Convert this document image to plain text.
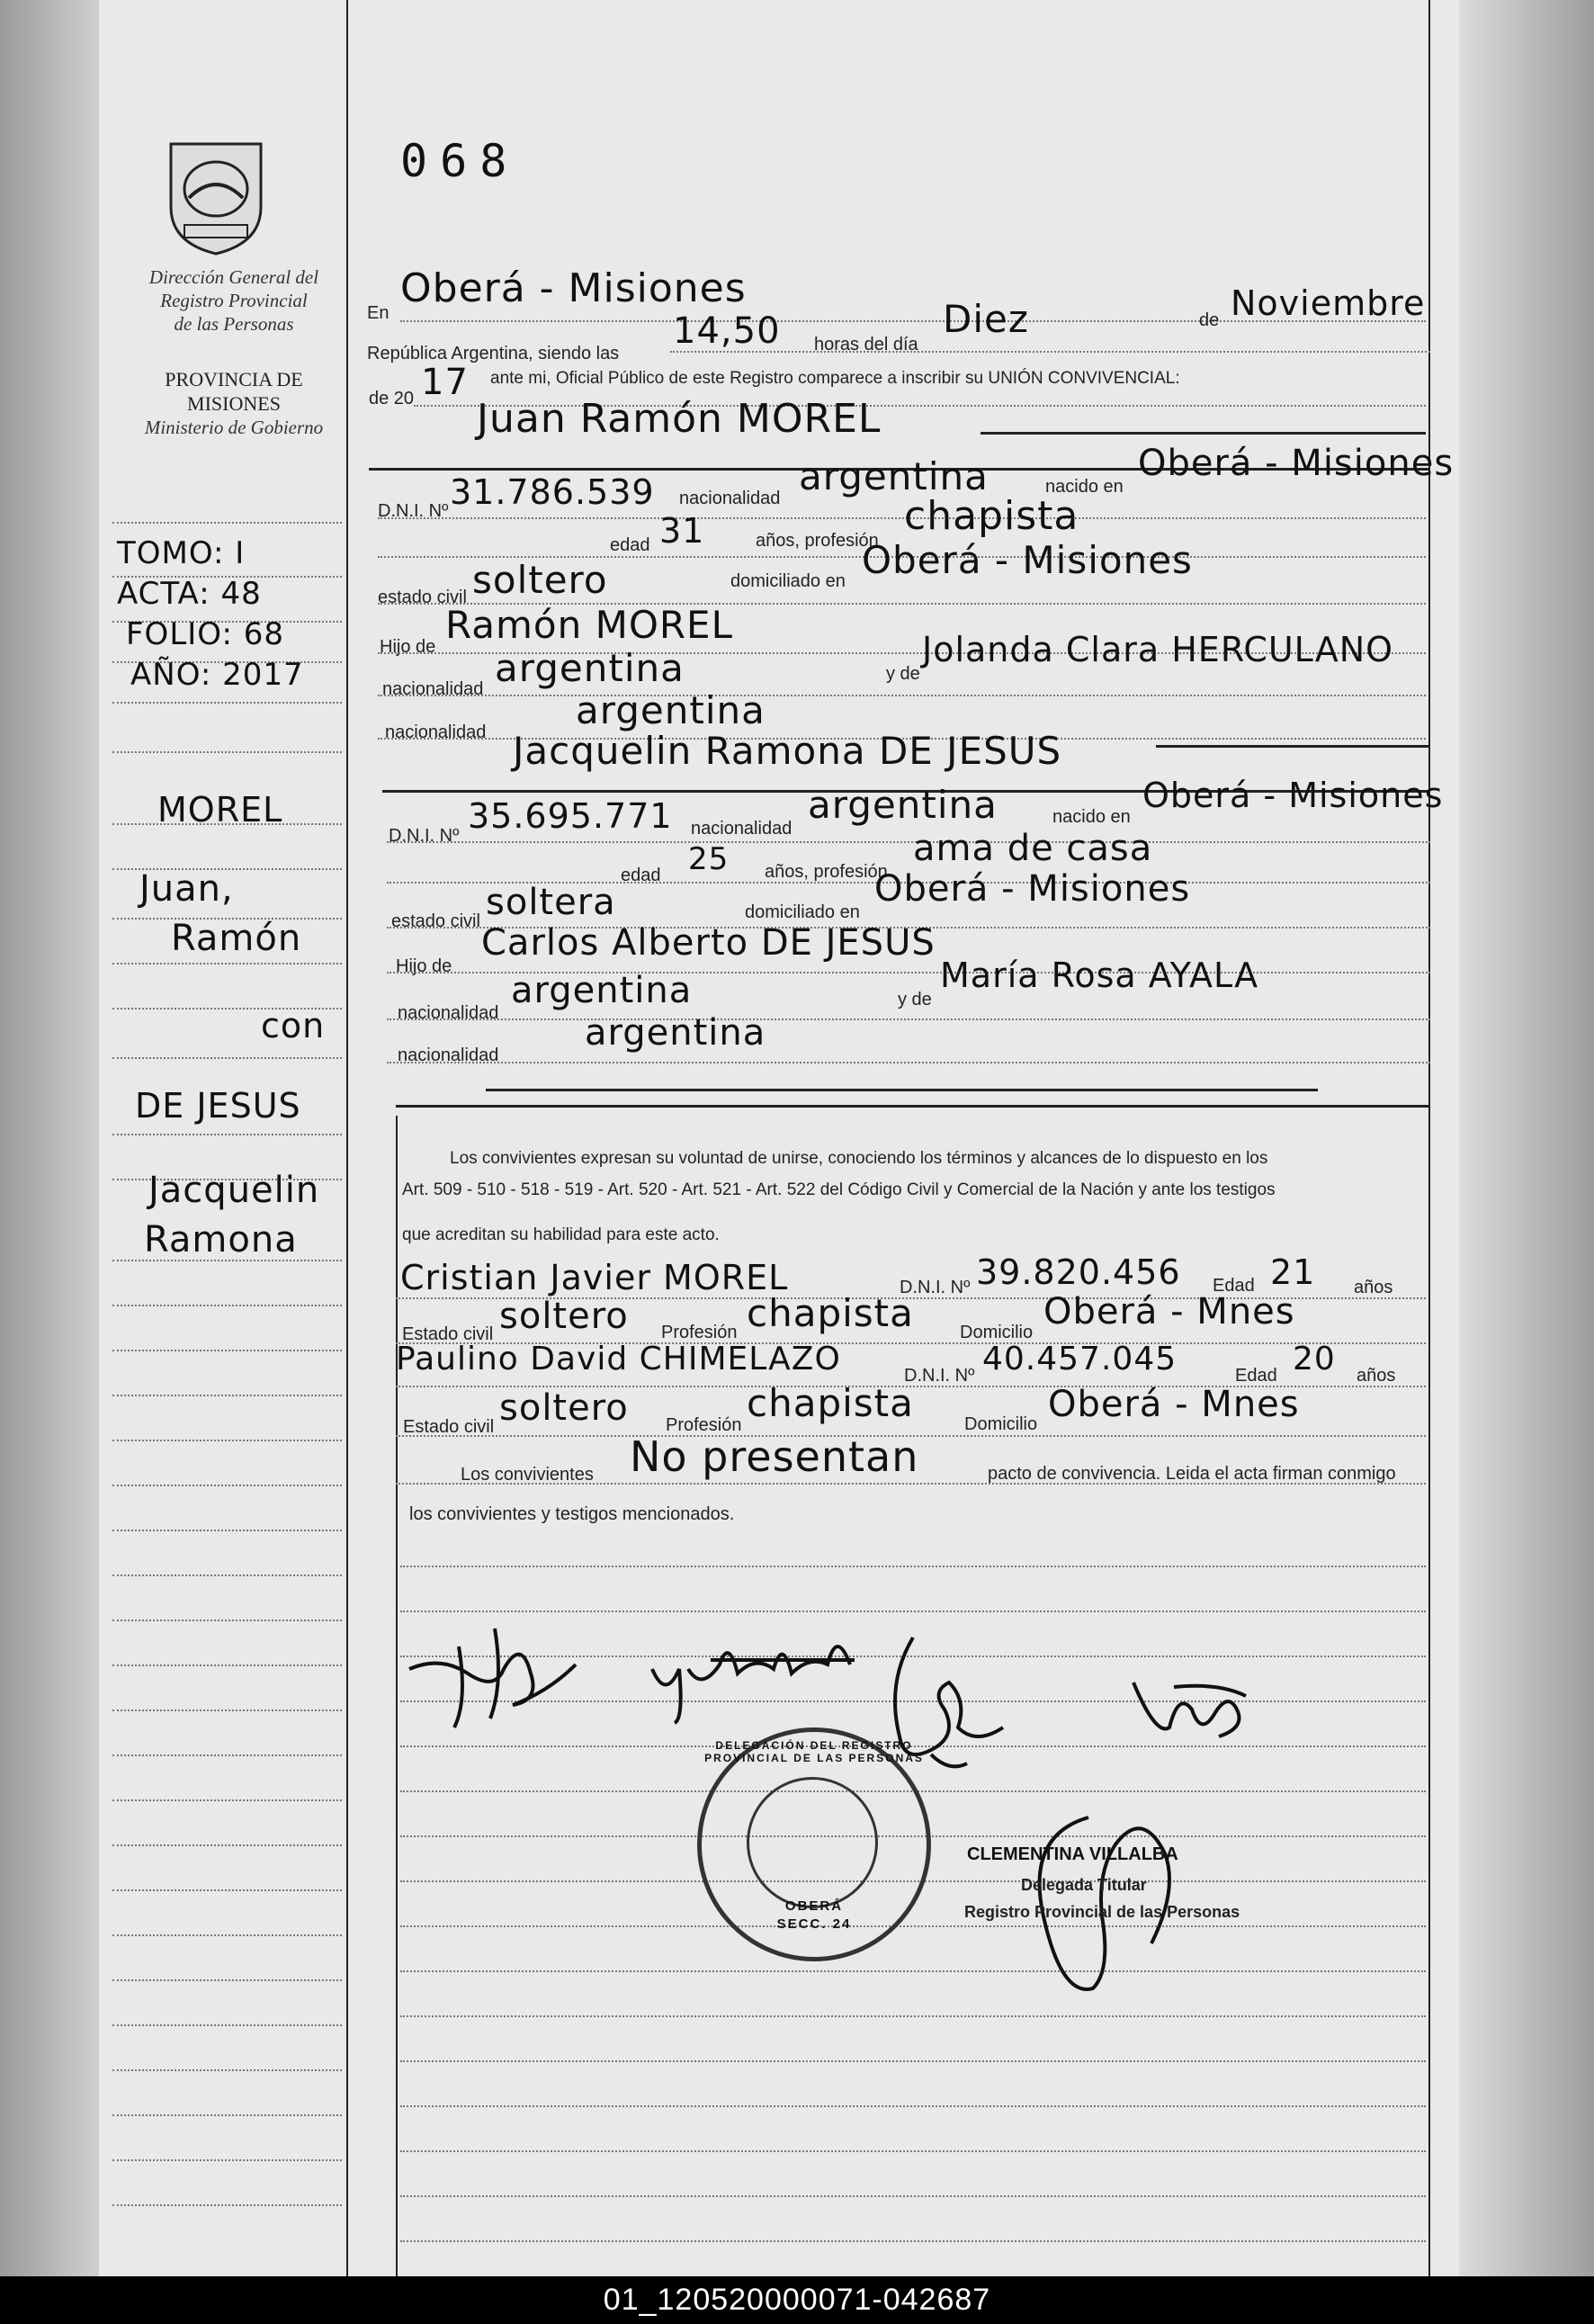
068
Dirección General del
Registro Provincial
de las Personas
PROVINCIA DE
MISIONES
Ministerio de Gobierno
TOMO: I
ACTA: 48
FOLIO: 68
AÑO: 2017
MOREL
Juan,
Ramón
con
DE JESUS
Jacquelin
Ramona
En
Oberá - Misiones
República Argentina, siendo las
14,50 horas del día
Diez	de Noviembre
de 20 17 ante mi, Oficial Público de este Registro comparece a inscribir su UNIÓN CONVIVENCIAL:
Juan Ramón MOREL
D.N.I. Nº 31.786.539 nacionalidad argentina	nacido en
Oberá - Misiones
edad 31	años, profesión
chapista
estado civil soltero	domiciliado en Oberá - Misiones
Hijo de Ramón MOREL
nacionalidad argentina	y de
Jolanda Clara HERCULANO
nacionalidad argentina
Jacquelin Ramona DE JESUS
D.N.I. Nº 35.695.771 nacionalidad
argentina	nacido en
Oberá - Misiones
edad 25 años, profesión
ama de casa
estado civil soltera	domiciliado en
Oberá - Misiones
Hijo de
Carlos Alberto DE JESUS
nacionalidad
argentina	y de
María Rosa AYALA
nacionalidad
argentina
Los convivientes expresan su voluntad de unirse, conociendo los términos y alcances de lo dispuesto en los
Art. 509 - 510 - 518 - 519 - Art. 520 - Art. 521 - Art. 522 del Código Civil y Comercial de la Nación y ante los testigos
que acreditan su habilidad para este acto.
Cristian Javier MOREL	D.N.I. Nº 39.820.456 Edad 21 años
Estado civil soltero Profesión chapista	Domicilio Oberá - Mnes
Paulino David CHIMELAZO	D.N.I. Nº 40.457.045	Edad 20 años
Estado civil soltero Profesión chapista	Domicilio Oberá - Mnes
Los convivientes No presentan	pacto de convivencia. Leida el acta firman conmigo
los convivientes y testigos mencionados.
CLEMENTINA VILLALBA
Delegada Titular
Registro Provincial de las Personas
DELEGACIÓN DEL REGISTRO PROVINCIAL DE LAS PERSONAS
OBERÁ
SECC. 24
01_120520000071-042687
